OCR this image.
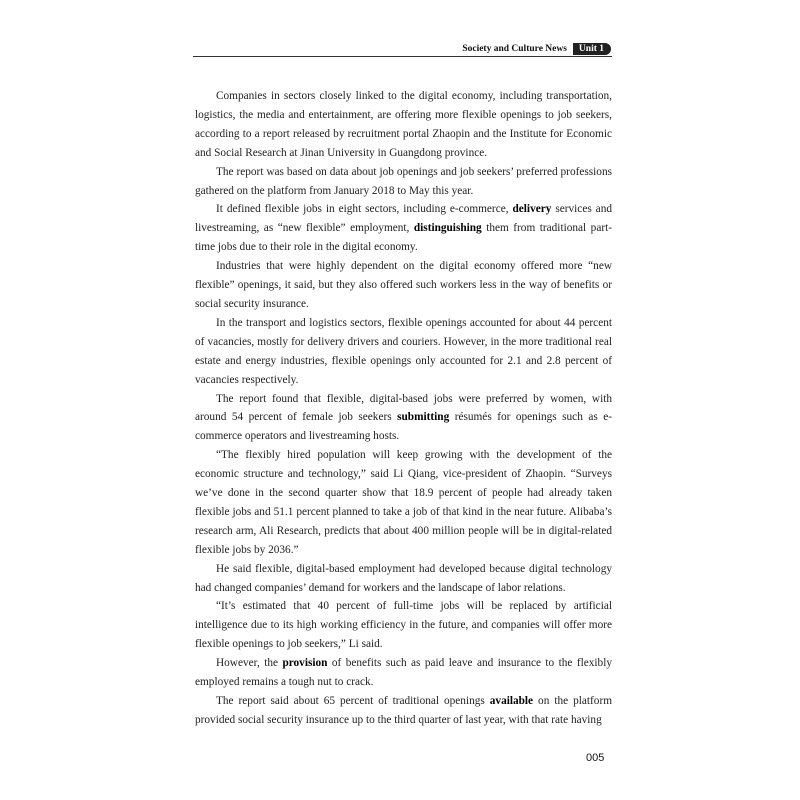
Society and Culture News	Unit 1

Companies in sectors closely linked to the digital economy, including transportation, logistics, the media and entertainment, are offering more flexible openings to job seekers, according to a report released by recruitment portal Zhaopin and the Institute for Economic and Social Research at Jinan University in Guangdong province.

The report was based on data about job openings and job seekers’ preferred professions gathered on the platform from January 2018 to May this year.

It defined flexible jobs in eight sectors, including e-commerce, delivery services and livestreaming, as “new flexible” employment, distinguishing them from traditional part-time jobs due to their role in the digital economy.

Industries that were highly dependent on the digital economy offered more “new flexible” openings, it said, but they also offered such workers less in the way of benefits or social security insurance.

In the transport and logistics sectors, flexible openings accounted for about 44 percent of vacancies, mostly for delivery drivers and couriers. However, in the more traditional real estate and energy industries, flexible openings only accounted for 2.1 and 2.8 percent of vacancies respectively.

The report found that flexible, digital-based jobs were preferred by women, with around 54 percent of female job seekers submitting résumés for openings such as e-commerce operators and livestreaming hosts.

“The flexibly hired population will keep growing with the development of the economic structure and technology,” said Li Qiang, vice-president of Zhaopin. “Surveys we’ve done in the second quarter show that 18.9 percent of people had already taken flexible jobs and 51.1 percent planned to take a job of that kind in the near future. Alibaba’s research arm, Ali Research, predicts that about 400 million people will be in digital-related flexible jobs by 2036.”

He said flexible, digital-based employment had developed because digital technology had changed companies’ demand for workers and the landscape of labor relations.

“It’s estimated that 40 percent of full-time jobs will be replaced by artificial intelligence due to its high working efficiency in the future, and companies will offer more flexible openings to job seekers,” Li said.

However, the provision of benefits such as paid leave and insurance to the flexibly employed remains a tough nut to crack.

The report said about 65 percent of traditional openings available on the platform provided social security insurance up to the third quarter of last year, with that rate having

005
